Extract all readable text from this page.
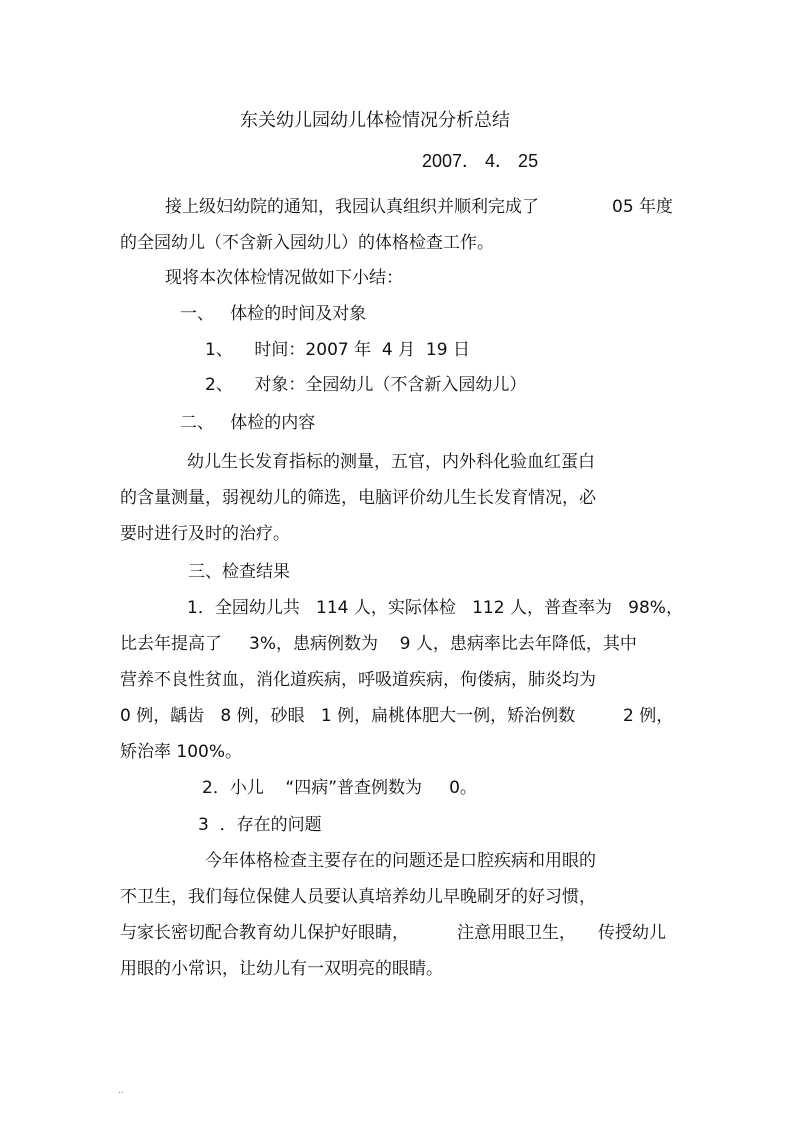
东关幼儿园幼儿体检情况分析总结
2007． 4． 25
接上级妇幼院的通知，我园认真组织并顺利完成了	05 年度
的全园幼儿（不含新入园幼儿）的体格检查工作。
现将本次体检情况做如下小结：
一、   体检的时间及对象
1、    时间：2007 年  4 月  19 日
2、    对象：全园幼儿（不含新入园幼儿）
二、   体检的内容
幼儿生长发育指标的测量，五官，内外科化验血红蛋白
的含量测量，弱视幼儿的筛选，电脑评价幼儿生长发育情况，必
要时进行及时的治疗。
三、检查结果
1．全园幼儿共   114 人，实际体检   112 人，普查率为   98%，
比去年提高了     3%，患病例数为    9 人，患病率比去年降低，其中
营养不良性贫血，消化道疾病，呼吸道疾病，佝偻病，肺炎均为
0 例，龋齿   8 例，砂眼   1 例，扁桃体肥大一例，矫治例数	2 例，
矫治率 100%。
2．小儿    “四病”普查例数为     0。
3  ．存在的问题
今年体格检查主要存在的问题还是口腔疾病和用眼的
不卫生，我们每位保健人员要认真培养幼儿早晚刷牙的好习惯，
与家长密切配合教育幼儿保护好眼睛，	注意用眼卫生， 传授幼儿
用眼的小常识，让幼儿有一双明亮的眼睛。
..
